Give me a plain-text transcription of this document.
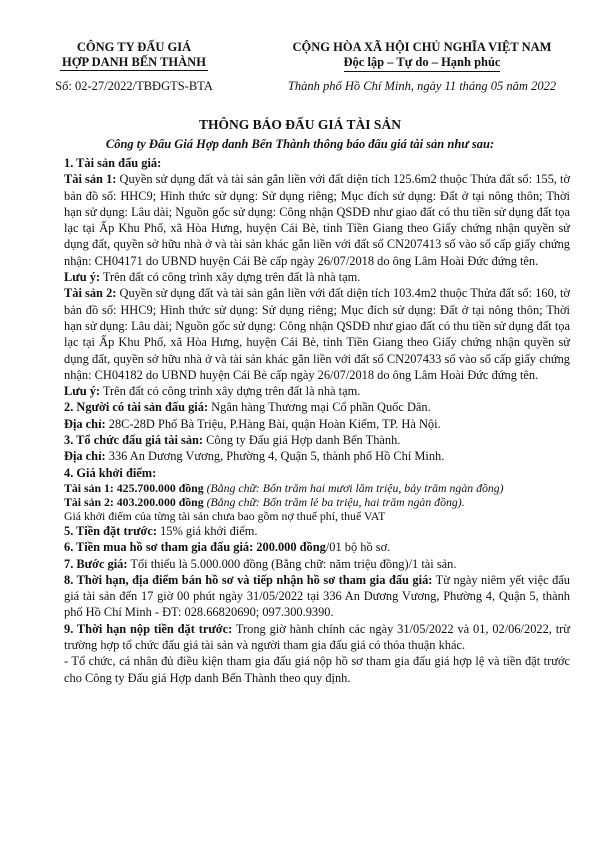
CÔNG TY ĐẤU GIÁ
HỢP DANH BẾN THÀNH
Số: 02-27/2022/TBĐGTS-BTA
CỘNG HÒA XÃ HỘI CHỦ NGHĨA VIỆT NAM
Độc lập – Tự do – Hạnh phúc
Thành phố Hồ Chí Minh, ngày 11 tháng 05 năm 2022
THÔNG BÁO ĐẤU GIÁ TÀI SẢN
Công ty Đấu Giá Hợp danh Bến Thành thông báo đấu giá tài sản như sau:

1. Tài sản đấu giá:

Tài sản 1: Quyền sử dụng đất và tài sản gắn liền với đất diện tích 125.6m2 thuộc Thửa đất số: 155, tờ bản đồ số: HHC9; Hình thức sử dụng: Sử dụng riêng; Mục đích sử dụng: Đất ở tại nông thôn; Thời hạn sử dụng: Lâu dài; Nguồn gốc sử dụng: Công nhận QSDĐ như giao đất có thu tiền sử dụng đất tọa lạc tại Ấp Khu Phố, xã Hòa Hưng, huyện Cái Bè, tỉnh Tiền Giang theo Giấy chứng nhận quyền sử dụng đất, quyền sở hữu nhà ở và tài sản khác gắn liền với đất số CN207413 số vào số cấp giấy chứng nhận: CH04171 do UBND huyện Cái Bè cấp ngày 26/07/2018 do ông Lâm Hoài Đức đứng tên.

Lưu ý: Trên đất có công trình xây dựng trên đất là nhà tạm.

Tài sản 2: Quyền sử dụng đất và tài sản gắn liền với đất diện tích 103.4m2 thuộc Thửa đất số: 160, tờ bản đồ số: HHC9; Hình thức sử dụng: Sử dụng riêng; Mục đích sử dụng: Đất ở tại nông thôn; Thời hạn sử dụng: Lâu dài; Nguồn gốc sử dụng: Công nhận QSDĐ như giao đất có thu tiền sử dụng đất tọa lạc tại Ấp Khu Phố, xã Hòa Hưng, huyện Cái Bè, tỉnh Tiền Giang theo Giấy chứng nhận quyền sử dụng đất, quyền sở hữu nhà ở và tài sản khác gắn liền với đất số CN207433 số vào số cấp giấy chứng nhận: CH04182 do UBND huyện Cái Bè cấp ngày 26/07/2018 do ông Lâm Hoài Đức đứng tên.

Lưu ý: Trên đất có công trình xây dựng trên đất là nhà tạm.

2. Người có tài sản đấu giá: Ngân hàng Thương mại Cổ phần Quốc Dân.

Địa chỉ: 28C-28D Phố Bà Triệu, P.Hàng Bài, quận Hoàn Kiếm, TP. Hà Nội.

3. Tổ chức đấu giá tài sản: Công ty Đấu giá Hợp danh Bến Thành.

Địa chỉ: 336 An Dương Vương, Phường 4, Quận 5, thành phố Hồ Chí Minh.

4. Giá khởi điểm:

Tài sản 1: 425.700.000 đồng (Bằng chữ: Bốn trăm hai mươi lăm triệu, bảy trăm ngàn đồng)

Tài sản 2: 403.200.000 đồng (Bằng chữ: Bốn trăm lẻ ba triệu, hai trăm ngàn đồng).

Giá khởi điểm của từng tài sản chưa bao gồm nợ thuế phí, thuế VAT

5. Tiền đặt trước: 15% giá khởi điểm.

6. Tiền mua hồ sơ tham gia đấu giá: 200.000 đồng/01 bộ hồ sơ.

7. Bước giá: Tối thiểu là 5.000.000 đồng (Bằng chữ: năm triệu đồng)/1 tài sản.

8. Thời hạn, địa điểm bán hồ sơ và tiếp nhận hồ sơ tham gia đấu giá: Từ ngày niêm yết việc đấu giá tài sản đến 17 giờ 00 phút ngày 31/05/2022 tại 336 An Dương Vương, Phường 4, Quận 5, thành phố Hồ Chí Minh - ĐT: 028.66820690; 097.300.9390.

9. Thời hạn nộp tiền đặt trước: Trong giờ hành chính các ngày 31/05/2022 và 01, 02/06/2022, trừ trường hợp tổ chức đấu giá tài sản và người tham gia đấu giá có thỏa thuận khác.

- Tổ chức, cá nhân đủ điều kiện tham gia đấu giá nộp hồ sơ tham gia đấu giá hợp lệ và tiền đặt trước cho Công ty Đấu giá Hợp danh Bến Thành theo quy định.
